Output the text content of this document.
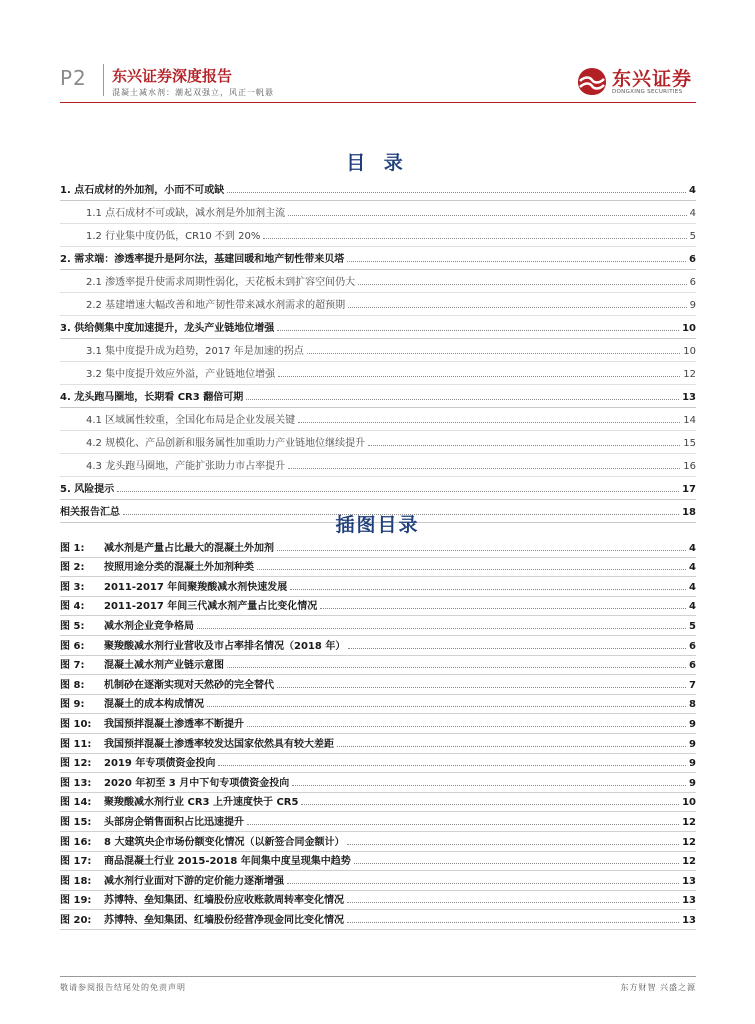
P2 东兴证券深度报告
混凝土减水剂：潮起双强立，风正一帆悬
东兴证券
DONGXING SECURITIES
目 录
1. 点石成材的外加剂，小而不可或缺	4
1.1 点石成材不可或缺，减水剂是外加剂主流	4
1.2 行业集中度仍低，CR10 不到 20%	5
2. 需求端：渗透率提升是阿尔法，基建回暖和地产韧性带来贝塔	6
2.1 渗透率提升使需求周期性弱化，天花板未到扩容空间仍大	6
2.2 基建增速大幅改善和地产韧性带来减水剂需求的超预期	9
3. 供给侧集中度加速提升，龙头产业链地位增强	10
3.1 集中度提升成为趋势，2017 年是加速的拐点	10
3.2 集中度提升效应外溢，产业链地位增强	12
4. 龙头跑马圈地，长期看 CR3 翻倍可期	13
4.1 区域属性较重，全国化布局是企业发展关键	14
4.2 规模化、产品创新和服务属性加重助力产业链地位继续提升	15
4.3 龙头跑马圈地，产能扩张助力市占率提升	16
5. 风险提示	17
相关报告汇总	18
插图目录
图 1:	减水剂是产量占比最大的混凝土外加剂	4
图 2:	按照用途分类的混凝土外加剂种类	4
图 3:	2011-2017 年间聚羧酸减水剂快速发展	4
图 4:	2011-2017 年间三代减水剂产量占比变化情况	4
图 5:	减水剂企业竞争格局	5
图 6:	聚羧酸减水剂行业营收及市占率排名情况（2018 年）	6
图 7:	混凝土减水剂产业链示意图	6
图 8:	机制砂在逐渐实现对天然砂的完全替代	7
图 9:	混凝土的成本构成情况	8
图 10:	我国预拌混凝土渗透率不断提升	9
图 11:	我国预拌混凝土渗透率较发达国家依然具有较大差距	9
图 12:	2019 年专项债资金投向	9
图 13:	2020 年初至 3 月中下旬专项债资金投向	9
图 14:	聚羧酸减水剂行业 CR3 上升速度快于 CR5	10
图 15:	头部房企销售面积占比迅速提升	12
图 16:	8 大建筑央企市场份额变化情况（以新签合同金额计）	12
图 17:	商品混凝土行业 2015-2018 年间集中度呈现集中趋势	12
图 18:	减水剂行业面对下游的定价能力逐渐增强	13
图 19:	苏博特、垒知集团、红墙股份应收账款周转率变化情况	13
图 20:	苏博特、垒知集团、红墙股份经营净现金同比变化情况	13
敬请参阅报告结尾处的免责声明	东方财智 兴盛之源
